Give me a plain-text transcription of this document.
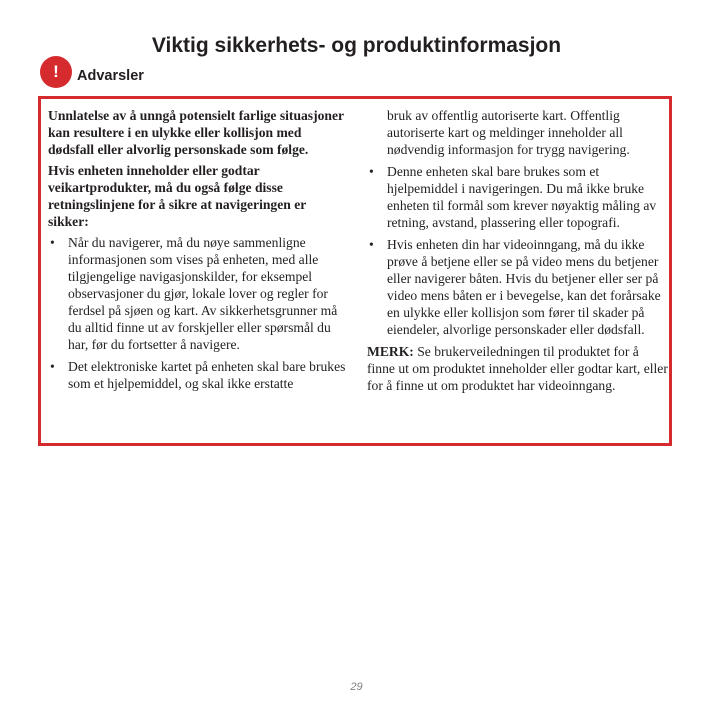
Viktig sikkerhets- og produktinformasjon
! Advarsler

Unnlatelse av å unngå potensielt farlige situasjoner kan resultere i en ulykke eller kollisjon med dødsfall eller alvorlig personskade som følge.

Hvis enheten inneholder eller godtar veikartprodukter, må du også følge disse retningslinjene for å sikre at navigeringen er sikker:

• Når du navigerer, må du nøye sammenligne informasjonen som vises på enheten, med alle tilgjengelige navigasjonskilder, for eksempel observasjoner du gjør, lokale lover og regler for ferdsel på sjøen og kart. Av sikkerhetsgrunner må du alltid finne ut av forskjeller eller spørsmål du har, før du fortsetter å navigere.
• Det elektroniske kartet på enheten skal bare brukes som et hjelpemiddel, og skal ikke erstatte
bruk av offentlig autoriserte kart. Offentlig autoriserte kart og meldinger inneholder all nødvendig informasjon for trygg navigering.
• Denne enheten skal bare brukes som et hjelpemiddel i navigeringen. Du må ikke bruke enheten til formål som krever nøyaktig måling av retning, avstand, plassering eller topografi.
• Hvis enheten din har videoinngang, må du ikke prøve å betjene eller se på video mens du betjener eller navigerer båten. Hvis du betjener eller ser på video mens båten er i bevegelse, kan det forårsake en ulykke eller kollisjon som fører til skader på eiendeler, alvorlige personskader eller dødsfall.

MERK: Se brukerveiledningen til produktet for å finne ut om produktet inneholder eller godtar kart, eller for å finne ut om produktet har videoinngang.

29
